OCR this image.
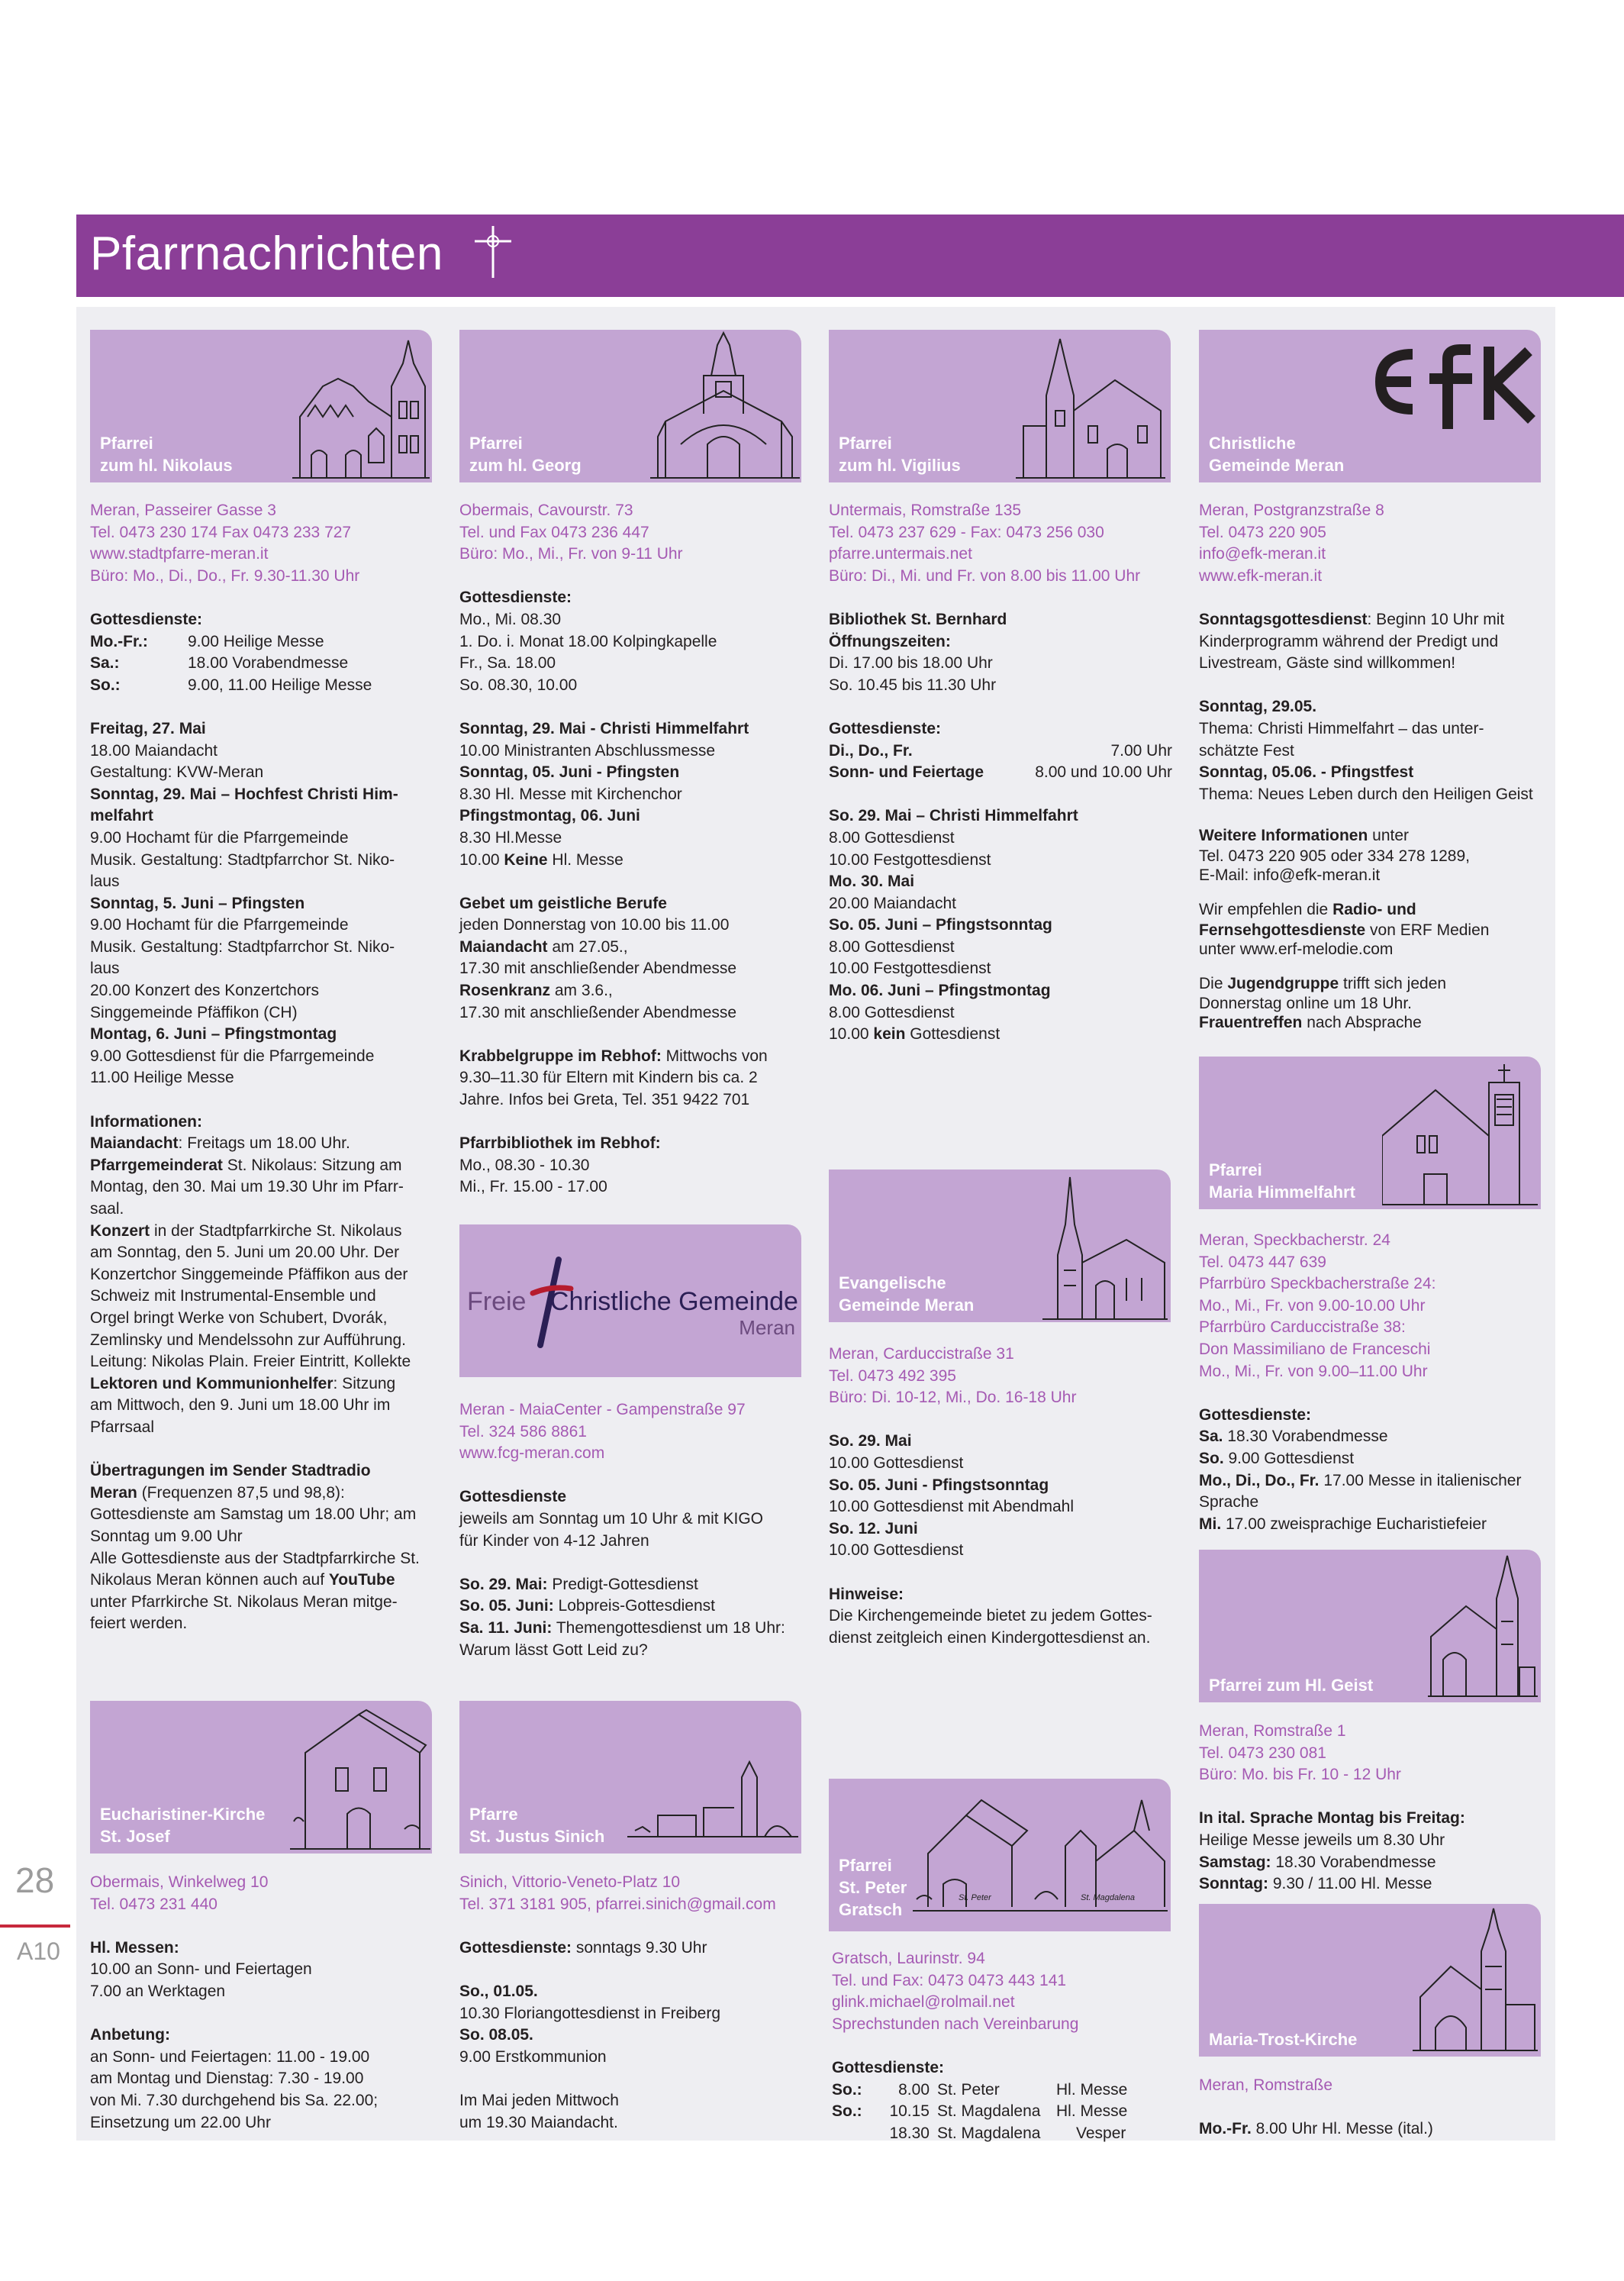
Pfarrnachrichten
Pfarrei
zum hl. Nikolaus
Meran, Passeirer Gasse 3
Tel. 0473 230 174 Fax 0473 233 727
www.stadtpfarre-meran.it
Büro: Mo., Di., Do., Fr. 9.30-11.30 Uhr
Gottesdienste:
Mo.-Fr.: 9.00 Heilige Messe
Sa.:	18.00 Vorabendmesse
So.:	9.00, 11.00 Heilige Messe
Freitag, 27. Mai
18.00 Maiandacht
Gestaltung: KVW-Meran
Sonntag, 29. Mai – Hochfest Christi Him-
melfahrt
9.00 Hochamt für die Pfarrgemeinde
Musik. Gestaltung: Stadtpfarrchor St. Niko-
laus
Sonntag, 5. Juni – Pfingsten
9.00 Hochamt für die Pfarrgemeinde
Musik. Gestaltung: Stadtpfarrchor St. Niko-
laus
20.00 Konzert des Konzertchors
Singgemeinde Pfäffikon (CH)
Montag, 6. Juni – Pfingstmontag
9.00 Gottesdienst für die Pfarrgemeinde
11.00 Heilige Messe
Informationen:
Maiandacht: Freitags um 18.00 Uhr.
Pfarrgemeinderat St. Nikolaus: Sitzung am
Montag, den 30. Mai um 19.30 Uhr im Pfarr-
saal.
Konzert in der Stadtpfarrkirche St. Nikolaus
am Sonntag, den 5. Juni um 20.00 Uhr. Der
Konzertchor Singgemeinde Pfäffikon aus der
Schweiz mit Instrumental-Ensemble und
Orgel bringt Werke von Schubert, Dvorák,
Zemlinsky und Mendelssohn zur Aufführung.
Leitung: Nikolas Plain. Freier Eintritt, Kollekte
Lektoren und Kommunionhelfer: Sitzung
am Mittwoch, den 9. Juni um 18.00 Uhr im
Pfarrsaal
Übertragungen im Sender Stadtradio
Meran (Frequenzen 87,5 und 98,8):
Gottesdienste am Samstag um 18.00 Uhr; am
Sonntag um 9.00 Uhr
Alle Gottesdienste aus der Stadtpfarrkirche St.
Nikolaus Meran können auch auf YouTube
unter Pfarrkirche St. Nikolaus Meran mitge-
feiert werden.
Eucharistiner-Kirche
St. Josef
Obermais, Winkelweg 10
Tel. 0473 231 440
Hl. Messen:
10.00 an Sonn- und Feiertagen
7.00 an Werktagen
Anbetung:
an Sonn- und Feiertagen: 11.00 - 19.00
am Montag und Dienstag: 7.30 - 19.00
von Mi. 7.30 durchgehend bis Sa. 22.00;
Einsetzung um 22.00 Uhr
Pfarrei
zum hl. Georg
Obermais, Cavourstr. 73
Tel. und Fax 0473 236 447
Büro: Mo., Mi., Fr. von 9-11 Uhr
Gottesdienste:
Mo., Mi. 08.30
1. Do. i. Monat 18.00 Kolpingkapelle
Fr., Sa. 18.00
So. 08.30, 10.00
Sonntag, 29. Mai - Christi Himmelfahrt
10.00 Ministranten Abschlussmesse
Sonntag, 05. Juni - Pfingsten
8.30 Hl. Messe mit Kirchenchor
Pfingstmontag, 06. Juni
8.30 Hl.Messe
10.00 Keine Hl. Messe
Gebet um geistliche Berufe
jeden Donnerstag von 10.00 bis 11.00
Maiandacht am 27.05.,
17.30 mit anschließender Abendmesse
Rosenkranz am 3.6.,
17.30 mit anschließender Abendmesse
Krabbelgruppe im Rebhof: Mittwochs von
9.30–11.30 für Eltern mit Kindern bis ca. 2
Jahre. Infos bei Greta, Tel. 351 9422 701
Pfarrbibliothek im Rebhof:
Mo., 08.30 - 10.30
Mi., Fr. 15.00 - 17.00
Freie Christliche Gemeinde
Meran
Meran - MaiaCenter - Gampenstraße 97
Tel. 324 586 8861
www.fcg-meran.com
Gottesdienste
jeweils am Sonntag um 10 Uhr & mit KIGO
für Kinder von 4-12 Jahren
So. 29. Mai: Predigt-Gottesdienst
So. 05. Juni: Lobpreis-Gottesdienst
Sa. 11. Juni: Themengottesdienst um 18 Uhr:
Warum lässt Gott Leid zu?
Pfarre
St. Justus Sinich
Sinich, Vittorio-Veneto-Platz 10
Tel. 371 3181 905, pfarrei.sinich@gmail.com
Gottesdienste: sonntags 9.30 Uhr
So., 01.05.
10.30 Floriangottesdienst in Freiberg
So. 08.05.
9.00 Erstkommunion
Im Mai jeden Mittwoch
um 19.30 Maiandacht.
Pfarrei
zum hl. Vigilius
Untermais, Romstraße 135
Tel. 0473 237 629 - Fax: 0473 256 030
pfarre.untermais.net
Büro: Di., Mi. und Fr. von 8.00 bis 11.00 Uhr
Bibliothek St. Bernhard
Öffnungszeiten:
Di. 17.00 bis 18.00 Uhr
So. 10.45 bis 11.30 Uhr
Gottesdienste:
Di., Do., Fr.	7.00 Uhr
Sonn- und Feiertage	8.00 und 10.00 Uhr
So. 29. Mai – Christi Himmelfahrt
8.00 Gottesdienst
10.00 Festgottesdienst
Mo. 30. Mai
20.00 Maiandacht
So. 05. Juni – Pfingstsonntag
8.00 Gottesdienst
10.00 Festgottesdienst
Mo. 06. Juni – Pfingstmontag
8.00 Gottesdienst
10.00 kein Gottesdienst
Evangelische
Gemeinde Meran
Meran, Carduccistraße 31
Tel. 0473 492 395
Büro: Di. 10-12, Mi., Do. 16-18 Uhr
So. 29. Mai
10.00 Gottesdienst
So. 05. Juni - Pfingstsonntag
10.00 Gottesdienst mit Abendmahl
So. 12. Juni
10.00 Gottesdienst
Hinweise:
Die Kirchengemeinde bietet zu jedem Gottes-
dienst zeitgleich einen Kindergottesdienst an.
St. Peter	St. Magdalena
Pfarrei
St. Peter
Gratsch
Gratsch, Laurinstr. 94
Tel. und Fax: 0473 0473 443 141
glink.michael@rolmail.net
Sprechstunden nach Vereinbarung
Gottesdienste:
So.: 8.00 St. Peter	Hl. Messe
So.: 10.15 St. Magdalena Hl. Messe
18.30 St. Magdalena Vesper
Christliche
Gemeinde Meran
Meran, Postgranzstraße 8
Tel. 0473 220 905
info@efk-meran.it
www.efk-meran.it
Sonntagsgottesdienst: Beginn 10 Uhr mit
Kinderprogramm während der Predigt und
Livestream, Gäste sind willkommen!
Sonntag, 29.05.
Thema: Christi Himmelfahrt – das unter-
schätzte Fest
Sonntag, 05.06. - Pfingstfest
Thema: Neues Leben durch den Heiligen Geist
Weitere Informationen unter
Tel. 0473 220 905 oder 334 278 1289,
E-Mail: info@efk-meran.it
Wir empfehlen die Radio- und
Fernsehgottesdienste von ERF Medien
unter www.erf-melodie.com
Die Jugendgruppe trifft sich jeden
Donnerstag online um 18 Uhr.
Frauentreffen nach Absprache
Pfarrei
Maria Himmelfahrt
Meran, Speckbacherstr. 24
Tel. 0473 447 639
Pfarrbüro Speckbacherstraße 24:
Mo., Mi., Fr. von 9.00-10.00 Uhr
Pfarrbüro Carduccistraße 38:
Don Massimiliano de Franceschi
Mo., Mi., Fr. von 9.00–11.00 Uhr
Gottesdienste:
Sa. 18.30 Vorabendmesse
So. 9.00 Gottesdienst
Mo., Di., Do., Fr. 17.00 Messe in italienischer
Sprache
Mi. 17.00 zweisprachige Eucharistiefeier
Pfarrei zum Hl. Geist
Meran, Romstraße 1
Tel. 0473 230 081
Büro: Mo. bis Fr. 10 - 12 Uhr
In ital. Sprache Montag bis Freitag:
Heilige Messe jeweils um 8.30 Uhr
Samstag: 18.30 Vorabendmesse
Sonntag: 9.30 / 11.00 Hl. Messe
Maria-Trost-Kirche
Meran, Romstraße
Mo.-Fr. 8.00 Uhr Hl. Messe (ital.)
28
A10
